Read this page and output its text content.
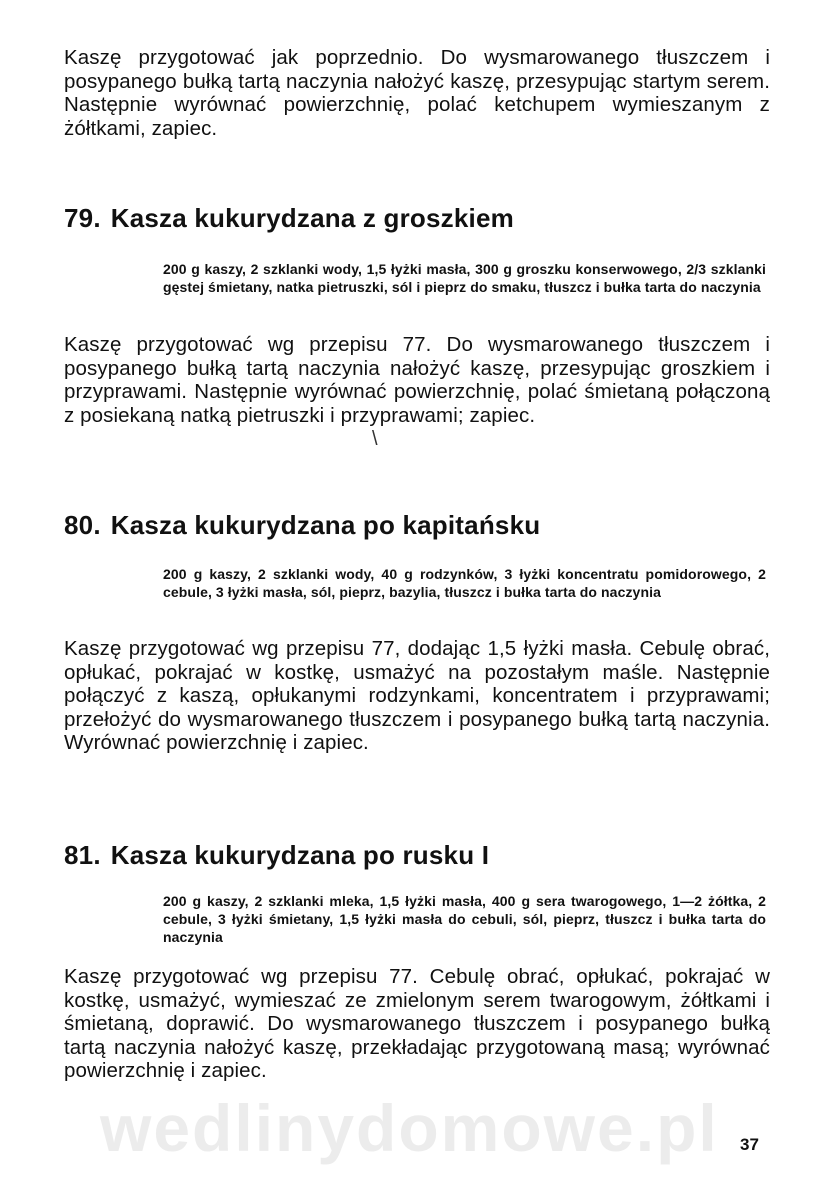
Kaszę przygotować jak poprzednio. Do wysmarowanego tłuszczem i posypanego bułką tartą naczynia nałożyć kaszę, przesypując startym serem. Następnie wyrównać powierzchnię, polać ketchupem wymieszanym z żółtkami, zapiec.

79. Kasza kukurydzana z groszkiem

200 g kaszy, 2 szklanki wody, 1,5 łyżki masła, 300 g groszku konserwowego, 2/3 szklanki gęstej śmietany, natka pietruszki, sól i pieprz do smaku, tłuszcz i bułka tarta do naczynia

Kaszę przygotować wg przepisu 77. Do wysmarowanego tłuszczem i posypanego bułką tartą naczynia nałożyć kaszę, przesypując groszkiem i przyprawami. Następnie wyrównać powierzchnię, polać śmietaną połączoną z posiekaną natką pietruszki i przyprawami; zapiec.

\
80. Kasza kukurydzana po kapitańsku

200 g kaszy, 2 szklanki wody, 40 g rodzynków, 3 łyżki koncentratu pomidorowego, 2 cebule, 3 łyżki masła, sól, pieprz, bazylia, tłuszcz i bułka tarta do naczynia

Kaszę przygotować wg przepisu 77, dodając 1,5 łyżki masła. Cebulę obrać, opłukać, pokrajać w kostkę, usmażyć na pozostałym maśle. Następnie połączyć z kaszą, opłukanymi rodzynkami, koncentratem i przyprawami; przełożyć do wysmarowanego tłuszczem i posypanego bułką tartą naczynia. Wyrównać powierzchnię i zapiec.

81. Kasza kukurydzana po rusku I

200 g kaszy, 2 szklanki mleka, 1,5 łyżki masła, 400 g sera twarogowego, 1—2 żółtka, 2 cebule, 3 łyżki śmietany, 1,5 łyżki masła do cebuli, sól, pieprz, tłuszcz i bułka tarta do naczynia

Kaszę przygotować wg przepisu 77. Cebulę obrać, opłukać, pokrajać w kostkę, usmażyć, wymieszać ze zmielonym serem twarogowym, żółtkami i śmietaną, doprawić. Do wysmarowanego tłuszczem i posypanego bułką tartą naczynia nałożyć kaszę, przekładając przygotowaną masą; wyrównać powierzchnię i zapiec.

wedlinydomowe.pl 37
